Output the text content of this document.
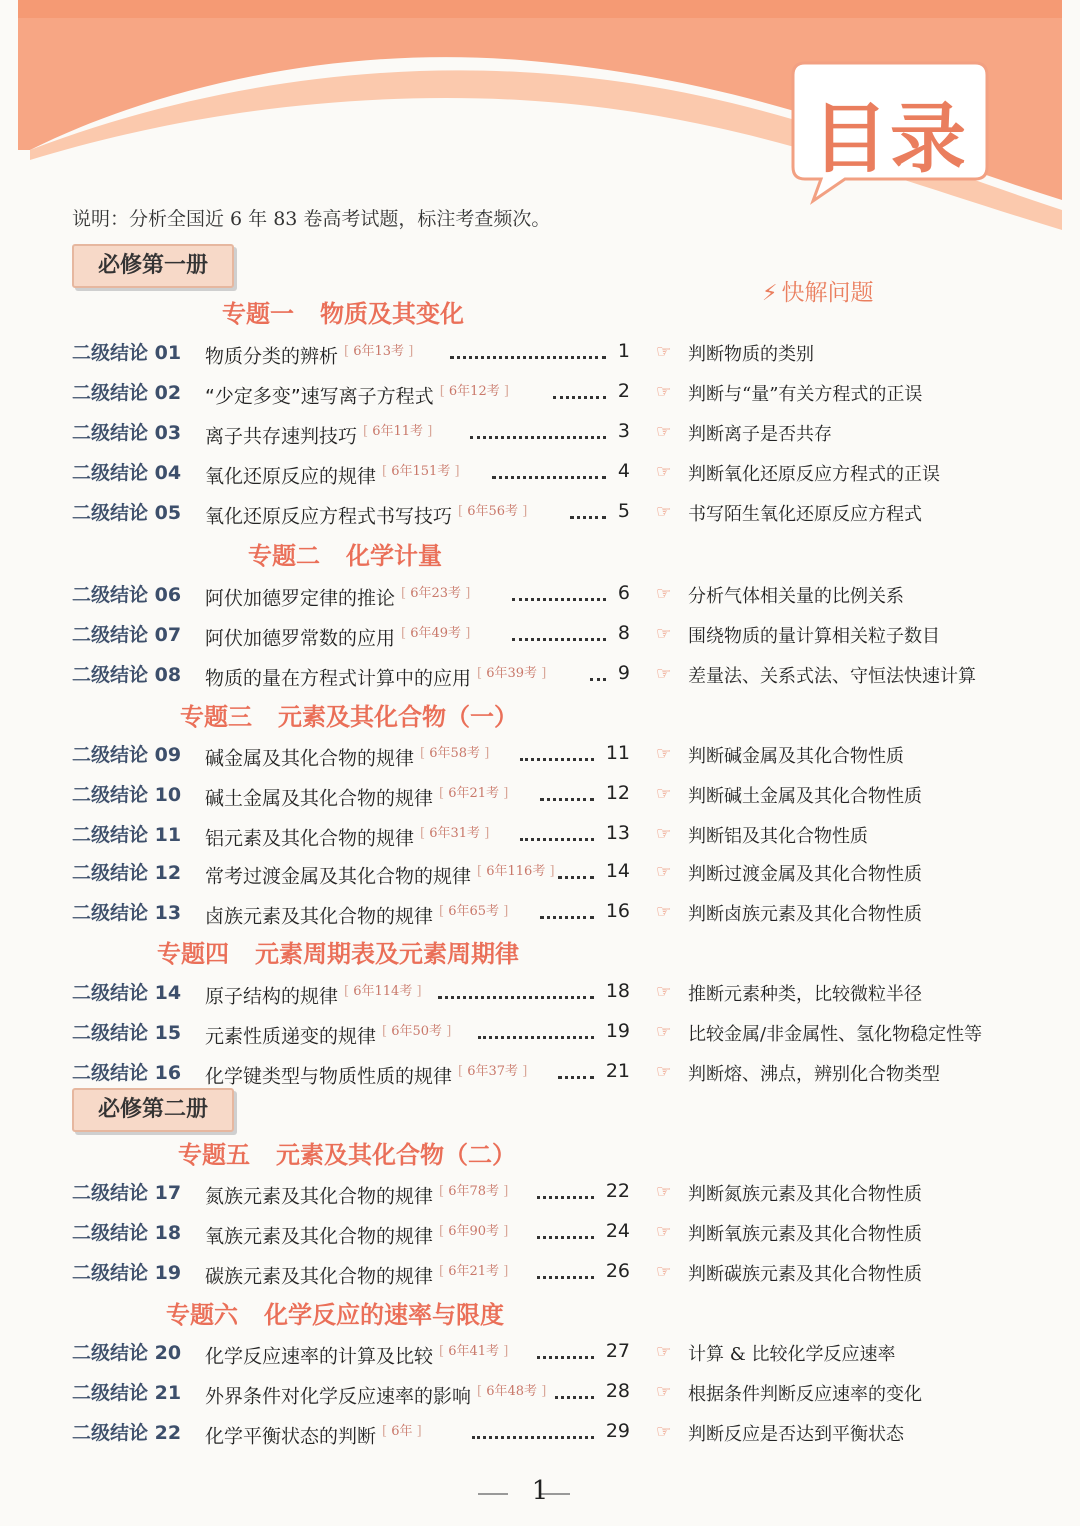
目录
说明：分析全国近 6 年 83 卷高考试题，标注考查频次。
必修第一册
必修第二册
⚡ 快解问题
专题一 物质及其变化
专题二 化学计量
专题三 元素及其化合物（一）
专题四 元素周期表及元素周期律
专题五 元素及其化合物（二）
专题六 化学反应的速率与限度
二级结论 01 物质分类的辨析 [ $^{6年13考}$ ]	1 ☞ 判断物质的类别
二级结论 02 “少定多变”速写离子方程式 [ $^{6年12考}$ ]	2 ☞ 判断与“量”有关方程式的正误
二级结论 03 离子共存速判技巧 [ $^{6年11考}$ ]	3 ☞ 判断离子是否共存
二级结论 04 氧化还原反应的规律 [ $^{6年151考}$ ]	4 ☞ 判断氧化还原反应方程式的正误
二级结论 05 氧化还原反应方程式书写技巧 [ $^{6年56考}$ ]	5 ☞ 书写陌生氧化还原反应方程式
二级结论 06 阿伏加德罗定律的推论 [ $^{6年23考}$ ]	6 ☞ 分析气体相关量的比例关系
二级结论 07 阿伏加德罗常数的应用 [ $^{6年49考}$ ]	8 ☞ 围绕物质的量计算相关粒子数目
二级结论 08 物质的量在方程式计算中的应用 [ $^{6年39考}$ ]	9 ☞ 差量法、关系式法、守恒法快速计算
二级结论 09 碱金属及其化合物的规律 [ $^{6年58考}$ ]	11 ☞ 判断碱金属及其化合物性质
二级结论 10 碱土金属及其化合物的规律 [ $^{6年21考}$ ]	12 ☞ 判断碱土金属及其化合物性质
二级结论 11 铝元素及其化合物的规律 [ $^{6年31考}$ ]	13 ☞ 判断铝及其化合物性质
二级结论 12 常考过渡金属及其化合物的规律 [ $^{6年116考}$ ]	14 ☞ 判断过渡金属及其化合物性质
二级结论 13 卤族元素及其化合物的规律 [ $^{6年65考}$ ]	16 ☞ 判断卤族元素及其化合物性质
二级结论 14 原子结构的规律 [ $^{6年114考}$ ]	18 ☞ 推断元素种类，比较微粒半径
二级结论 15 元素性质递变的规律 [ $^{6年50考}$ ]	19 ☞ 比较金属/非金属性、氢化物稳定性等
二级结论 16 化学键类型与物质性质的规律 [ $^{6年37考}$ ]	21 ☞ 判断熔、沸点，辨别化合物类型
二级结论 17 氮族元素及其化合物的规律 [ $^{6年78考}$ ]	22 ☞ 判断氮族元素及其化合物性质
二级结论 18 氧族元素及其化合物的规律 [ $^{6年90考}$ ]	24 ☞ 判断氧族元素及其化合物性质
二级结论 19 碳族元素及其化合物的规律 [ $^{6年21考}$ ]	26 ☞ 判断碳族元素及其化合物性质
二级结论 20 化学反应速率的计算及比较 [ $^{6年41考}$ ]	27 ☞ 计算 & 比较化学反应速率
二级结论 21 外界条件对化学反应速率的影响 [ $^{6年48考}$ ]	28 ☞ 根据条件判断反应速率的变化
二级结论 22 化学平衡状态的判断 [ $^{6年}$ ]	29 ☞ 判断反应是否达到平衡状态
1
